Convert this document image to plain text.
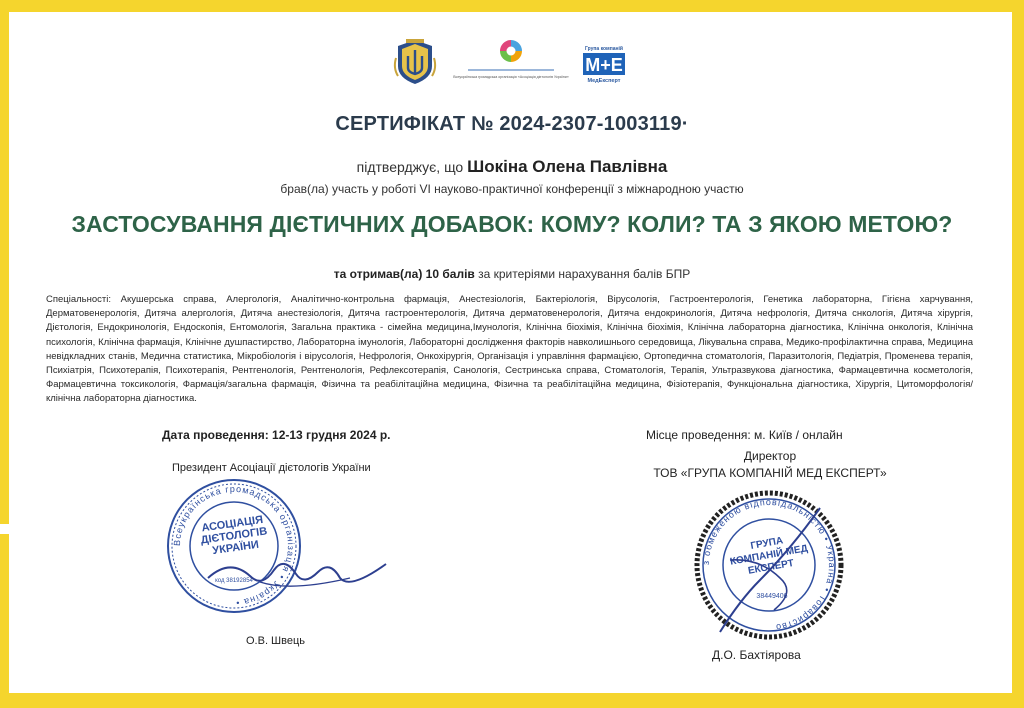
Всеукраїнська громадська організація «Асоціація дієтологів України»
Група компаній
M+E
МедЕксперт
СЕРТИФІКАТ № 2024-2307-1003119·
підтверджує, що Шокіна Олена Павлівна
брав(ла) участь у роботі VI науково-практичної конференції з міжнародною участю
ЗАСТОСУВАННЯ ДІЄТИЧНИХ ДОБАВОК: КОМУ? КОЛИ? ТА З ЯКОЮ МЕТОЮ?
та отримав(ла) 10 балів за критеріями нарахування балів БПР
Спеціальності: Акушерська справа, Алергологія, Аналітично-контрольна фармація, Анестезіологія, Бактеріологія, Вірусологія, Гастроентерологія, Генетика лабораторна, Гігієна харчування, Дерматовенерологія, Дитяча алергологія, Дитяча анестезіологія, Дитяча гастроентерологія, Дитяча дерматовенерологія, Дитяча ендокринологія, Дитяча нефрологія, Дитяча снкологія, Дитяча хірургія, Дієтологія, Ендокринологія, Ендоскопія, Ентомологія, Загальна практика - сімейна медицина,Імунологія, Клінічна біохімія, Клінічна біохімія, Клінічна лабораторна діагностика, Клінічна онкологія, Клінічна психологія, Клінічна фармація, Клінічне душпастирство, Лабораторна імунологія, Лабораторні дослідження факторів навколишнього середовища, Лікувальна справа, Медико-профілактична справа, Медицина невідкладних станів, Медична статистика, Мікробіологія і вірусологія, Нефрологія, Онкохірургія, Організація і управління фармацією, Ортопедична стоматологія, Паразитологія, Педіатрія, Променева терапія, Психіатрія, Психотерапія, Психотерапія, Рентгенологія, Рентгенологія, Рефлексотерапія, Санологія, Сестринська справа, Стоматологія, Терапія, Ультразвукова діагностика, Фармацевтична косметологія, Фармацевтична токсикологія, Фармація/загальна фармація, Фізична та реабілітаційна медицина, Фізична та реабілітаційна медицина, Фізіотерапія, Функціональна діагностика, Хірургія, Цитоморфологія/клінічна лабораторна діагностика.
Дата проведення: 12-13 грудня 2024 р.	Місце проведення: м. Київ / онлайн
Президент Асоціації дієтологів України
Директор
ТОВ «ГРУПА КОМПАНІЙ МЕД ЕКСПЕРТ»
Всеукраїнська громадська організація • Україна •
АСОЦІАЦІЯ ДІЄТОЛОГІВ УКРАЇНИ
код 38192854
з обмеженою відповідальністю • Україна • Товариство
ГРУПА КОМПАНІЙ МЕД ЕКСПЕРТ
38449406
О.В. Швець
Д.О. Бахтіярова
